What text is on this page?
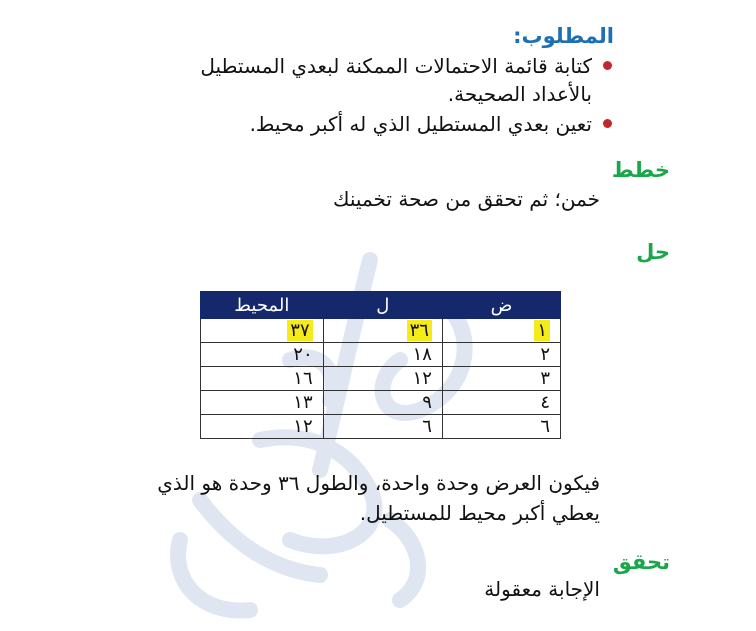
المطلوب:
كتابة قائمة الاحتمالات الممكنة لبعدي المستطيل بالأعداد الصحيحة.
تعين بعدي المستطيل الذي له أكبر محيط.
خطط
خمن؛ ثم تحقق من صحة تخمينك
حل
ض	ل	المحيط
١	٣٦	٣٧
٢	١٨	٢٠
٣	١٢	١٦
٤	٩	١٣
٦	٦	١٢
فيكون العرض وحدة واحدة، والطول ٣٦ وحدة هو الذي يعطي أكبر محيط للمستطيل.
تحقق
الإجابة معقولة
